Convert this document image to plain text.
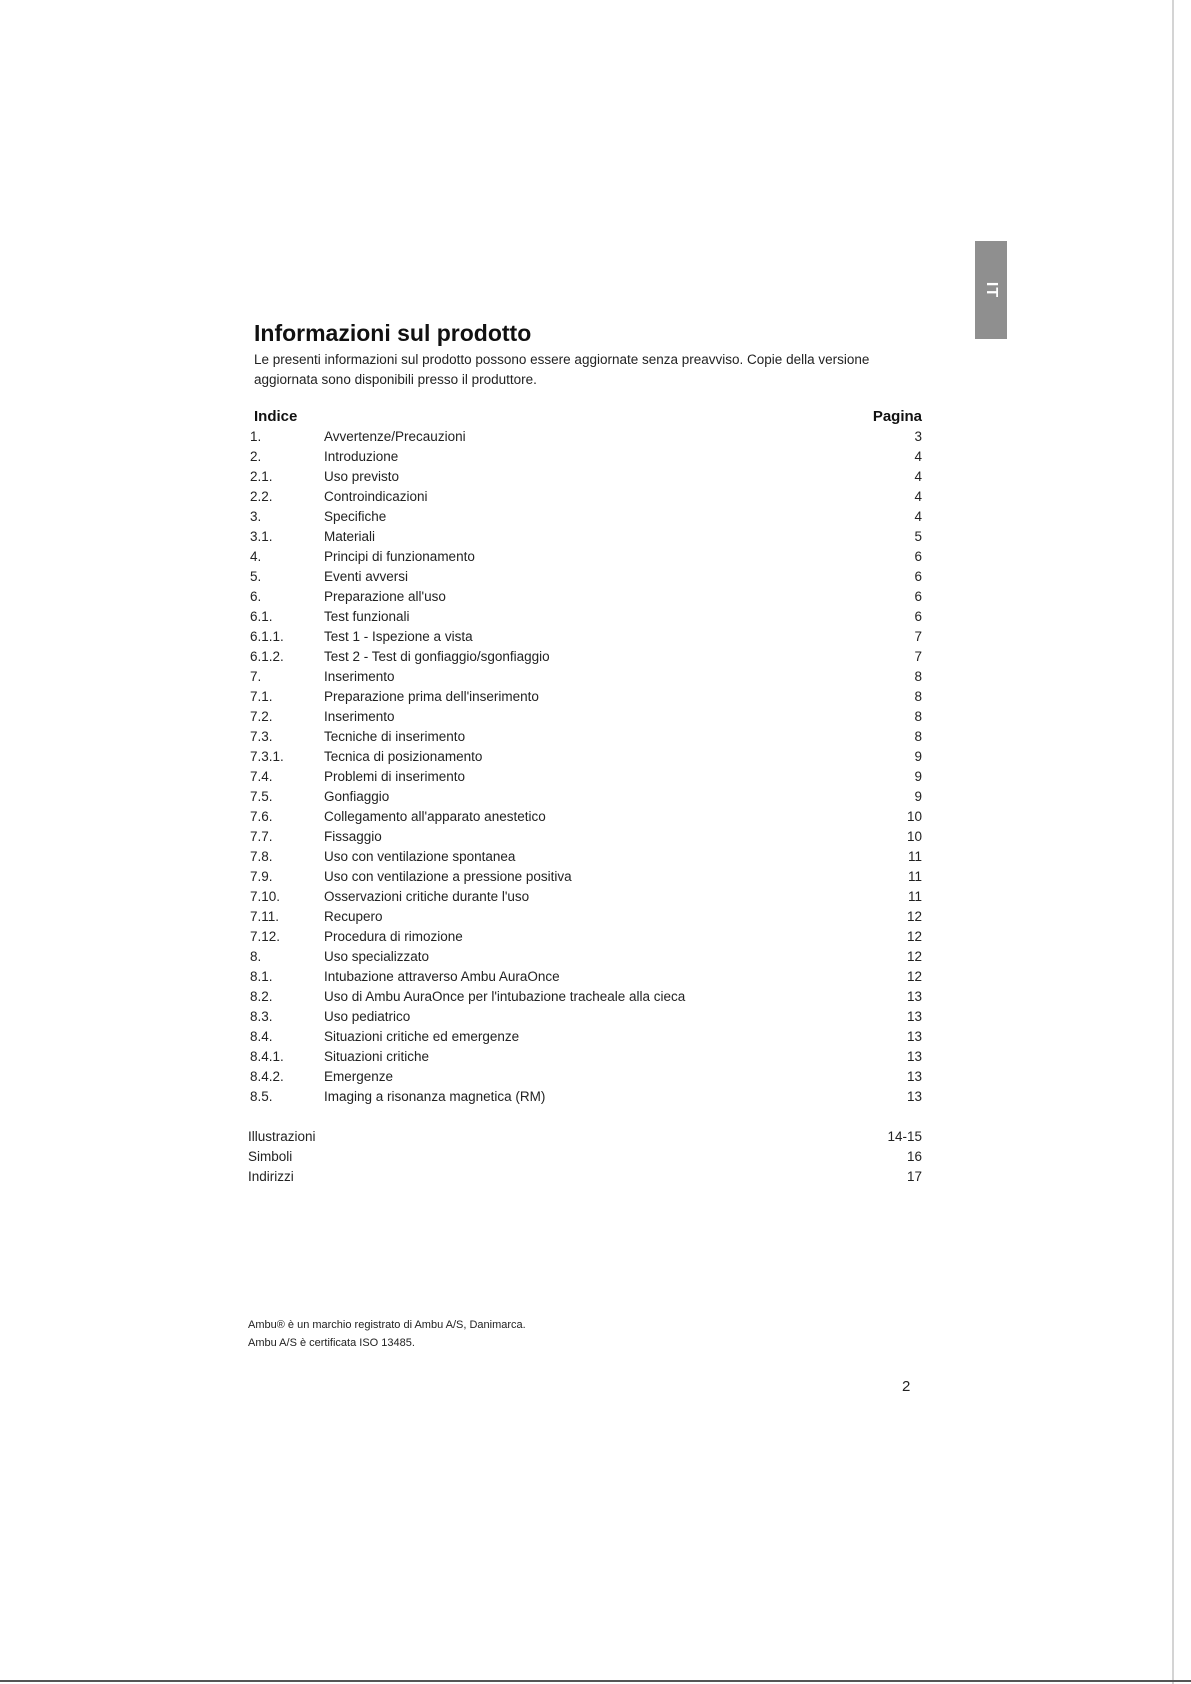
IT
Informazioni sul prodotto

Le presenti informazioni sul prodotto possono essere aggiornate senza preavviso. Copie della versione aggiornata sono disponibili presso il produttore.

Indice	Pagina
1.	Avvertenze/Precauzioni	3
2.	Introduzione	4
2.1.	Uso previsto	4
2.2.	Controindicazioni	4
3.	Specifiche	4
3.1.	Materiali	5
4.	Principi di funzionamento	6
5.	Eventi avversi	6
6.	Preparazione all'uso	6
6.1.	Test funzionali	6
6.1.1.	Test 1 - Ispezione a vista	7
6.1.2.	Test 2 - Test di gonfiaggio/sgonfiaggio	7
7.	Inserimento	8
7.1.	Preparazione prima dell'inserimento	8
7.2.	Inserimento	8
7.3.	Tecniche di inserimento	8
7.3.1.	Tecnica di posizionamento	9
7.4.	Problemi di inserimento	9
7.5.	Gonfiaggio	9
7.6.	Collegamento all'apparato anestetico	10
7.7.	Fissaggio	10
7.8.	Uso con ventilazione spontanea	11
7.9.	Uso con ventilazione a pressione positiva	11
7.10.	Osservazioni critiche durante l'uso	11
7.11.	Recupero	12
7.12.	Procedura di rimozione	12
8.	Uso specializzato	12
8.1.	Intubazione attraverso Ambu AuraOnce	12
8.2.	Uso di Ambu AuraOnce per l'intubazione tracheale alla cieca	13
8.3.	Uso pediatrico	13
8.4.	Situazioni critiche ed emergenze	13
8.4.1.	Situazioni critiche	13
8.4.2.	Emergenze	13
8.5.	Imaging a risonanza magnetica (RM)	13
Illustrazioni	14-15
Simboli	16
Indirizzi	17
Ambu® è un marchio registrato di Ambu A/S, Danimarca.
Ambu A/S è certificata ISO 13485.
2
